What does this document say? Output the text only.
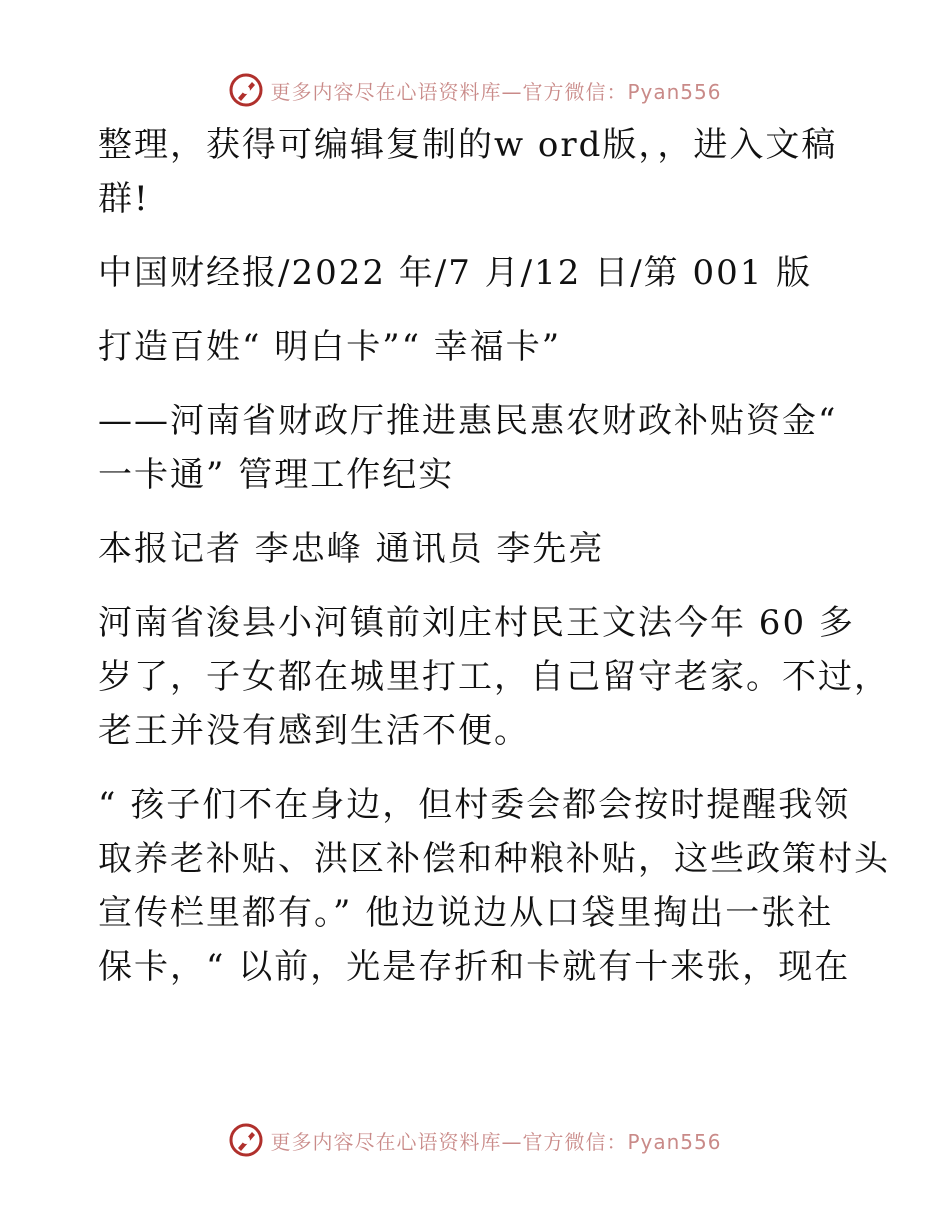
更多内容尽在心语资料库—官方微信：Pyan556

整理，获得可编辑复制的w ord版，，进入文稿

群!

中国财经报/2022 年/7 月/12 日/第 001 版

打造百姓“ 明白卡”“ 幸福卡”

——河南省财政厅推进惠民惠农财政补贴资金“

一卡通” 管理工作纪实

本报记者 李忠峰 通讯员 李先亮

河南省浚县小河镇前刘庄村民王文法今年 60 多

岁了，子女都在城里打工，自己留守老家。不过，

老王并没有感到生活不便。

“ 孩子们不在身边，但村委会都会按时提醒我领

取养老补贴、洪区补偿和种粮补贴，这些政策村头

宣传栏里都有。” 他边说边从口袋里掏出一张社

保卡，“ 以前，光是存折和卡就有十来张，现在

更多内容尽在心语资料库—官方微信：Pyan556
